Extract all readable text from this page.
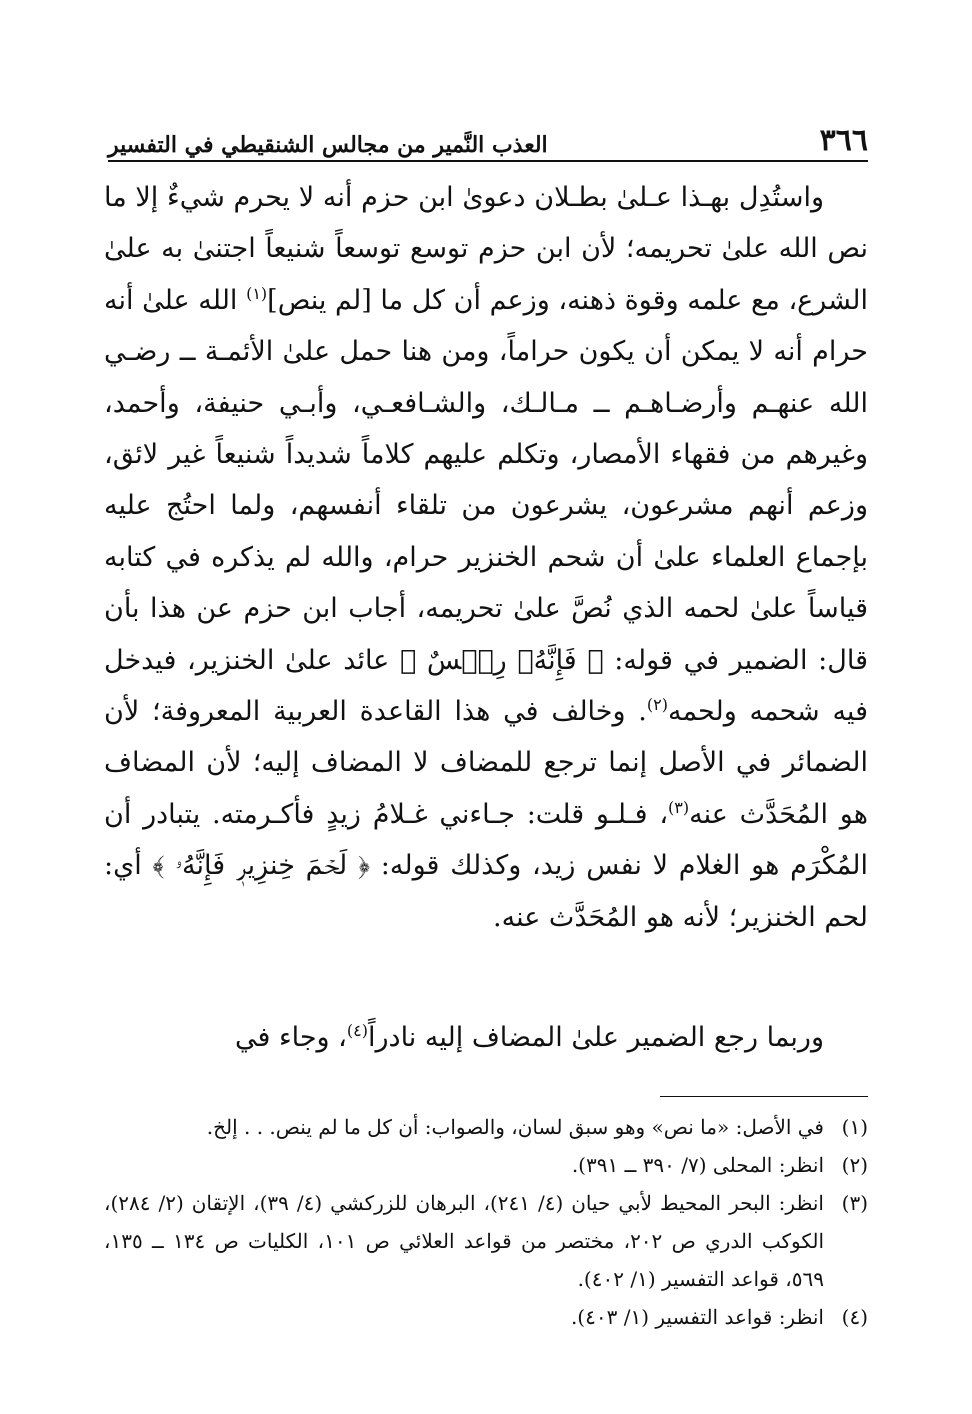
٣٦٦
العذب النَّمير من مجالس الشنقيطي في التفسير

واستُدِل بهـذا عـلىٰ بطـلان دعوىٰ ابن حزم أنه لا يحرم شيءٌ إلا ما نص الله علىٰ تحريمه؛ لأن ابن حزم توسع توسعاً شنيعاً اجتنىٰ به علىٰ الشرع، مع علمه وقوة ذهنه، وزعم أن كل ما [لم ينص]$^{(١)}$ الله علىٰ أنه حرام أنه لا يمكن أن يكون حراماً، ومن هنا حمل علىٰ الأئمـة ــ رضـي الله عنهـم وأرضـاهـم ــ مـالـك، والشـافعـي، وأبـي حنيفة، وأحمد، وغيرهم من فقهاء الأمصار، وتكلم عليهم كلاماً شديداً شنيعاً غير لائق، وزعم أنهم مشرعون، يشرعون من تلقاء أنفسهم، ولما احتُج عليه بإجماع العلماء علىٰ أن شحم الخنزير حرام، والله لم يذكره في كتابه قياساً علىٰ لحمه الذي نُصَّ علىٰ تحريمه، أجاب ابن حزم عن هذا بأن قال: الضمير في قوله: ﴿ فَإِنَّهُۥ رِجۡسٌ ﴾ عائد علىٰ الخنزير، فيدخل فيه شحمه ولحمه$^{(٢)}$. وخالف في هذا القاعدة العربية المعروفة؛ لأن الضمائر في الأصل إنما ترجع للمضاف لا المضاف إليه؛ لأن المضاف هو المُحَدَّث عنه$^{(٣)}$، فـلـو قلت: جـاءني غـلامُ زيدٍ فأكـرمته. يتبادر أن المُكْرَم هو الغلام لا نفس زيد، وكذلك قوله: ﴿ لَحۡمَ خِنزِيرٖ فَإِنَّهُۥ ﴾ أي: لحم الخنزير؛ لأنه هو المُحَدَّث عنه.

وربما رجع الضمير علىٰ المضاف إليه نادراً$^{(٤)}$، وجاء في

(١)
في الأصل: «ما نص» وهو سبق لسان، والصواب: أن كل ما لم ينص. . . إلخ.
(٢)
انظر: المحلى (٧/ ٣٩٠ ــ ٣٩١).
(٣)
انظر: البحر المحيط لأبي حيان (٤/ ٢٤١)، البرهان للزركشي (٤/ ٣٩)، الإتقان (٢/ ٢٨٤)، الكوكب الدري ص ٢٠٢، مختصر من قواعد العلائي ص ١٠١، الكليات ص ١٣٤ ــ ١٣٥، ٥٦٩، قواعد التفسير (١/ ٤٠٢).
(٤)
انظر: قواعد التفسير (١/ ٤٠٣).
